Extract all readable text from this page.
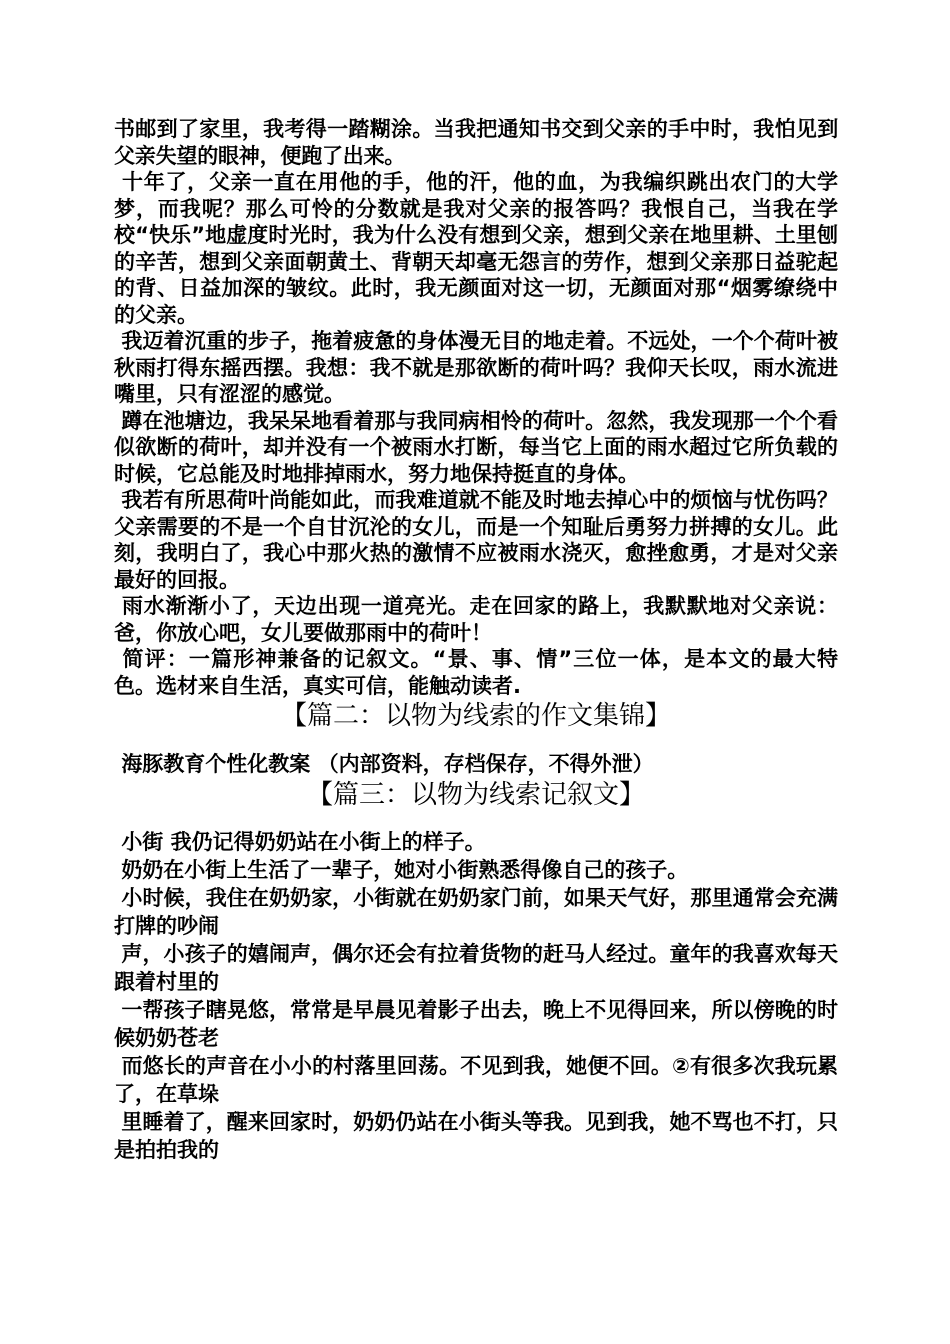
书邮到了家里，我考得一踏糊涂。当我把通知书交到父亲的手中时，我怕见到父亲失望的眼神，便跑了出来。

十年了，父亲一直在用他的手，他的汗，他的血，为我编织跳出农门的大学梦，而我呢？那么可怜的分数就是我对父亲的报答吗？我恨自己，当我在学校“快乐”地虚度时光时，我为什么没有想到父亲，想到父亲在地里耕、土里刨的辛苦，想到父亲面朝黄土、背朝天却毫无怨言的劳作，想到父亲那日益驼起的背、日益加深的皱纹。此时，我无颜面对这一切，无颜面对那“烟雾缭绕中的父亲。

我迈着沉重的步子，拖着疲惫的身体漫无目的地走着。不远处，一个个荷叶被秋雨打得东摇西摆。我想：我不就是那欲断的荷叶吗？我仰天长叹，雨水流进嘴里，只有涩涩的感觉。

蹲在池塘边，我呆呆地看着那与我同病相怜的荷叶。忽然，我发现那一个个看似欲断的荷叶，却并没有一个被雨水打断，每当它上面的雨水超过它所负载的时候，它总能及时地排掉雨水，努力地保持挺直的身体。

我若有所思荷叶尚能如此，而我难道就不能及时地去掉心中的烦恼与忧伤吗？父亲需要的不是一个自甘沉沦的女儿，而是一个知耻后勇努力拼搏的女儿。此刻，我明白了，我心中那火热的激情不应被雨水浇灭，愈挫愈勇，才是对父亲最好的回报。

雨水渐渐小了，天边出现一道亮光。走在回家的路上，我默默地对父亲说：爸，你放心吧，女儿要做那雨中的荷叶！

简评：一篇形神兼备的记叙文。“景、事、情”三位一体，是本文的最大特色。选材来自生活，真实可信，能触动读者.

【篇二：以物为线索的作文集锦】

海豚教育个性化教案 （内部资料，存档保存，不得外泄）

【篇三：以物为线索记叙文】

小街 我仍记得奶奶站在小街上的样子。

奶奶在小街上生活了一辈子，她对小街熟悉得像自己的孩子。

小时候，我住在奶奶家，小街就在奶奶家门前，如果天气好，那里通常会充满打牌的吵闹

声，小孩子的嬉闹声，偶尔还会有拉着货物的赶马人经过。童年的我喜欢每天跟着村里的

一帮孩子瞎晃悠，常常是早晨见着影子出去，晚上不见得回来，所以傍晚的时候奶奶苍老

而悠长的声音在小小的村落里回荡。不见到我，她便不回。②有很多次我玩累了，在草垛

里睡着了，醒来回家时，奶奶仍站在小街头等我。见到我，她不骂也不打，只是拍拍我的
